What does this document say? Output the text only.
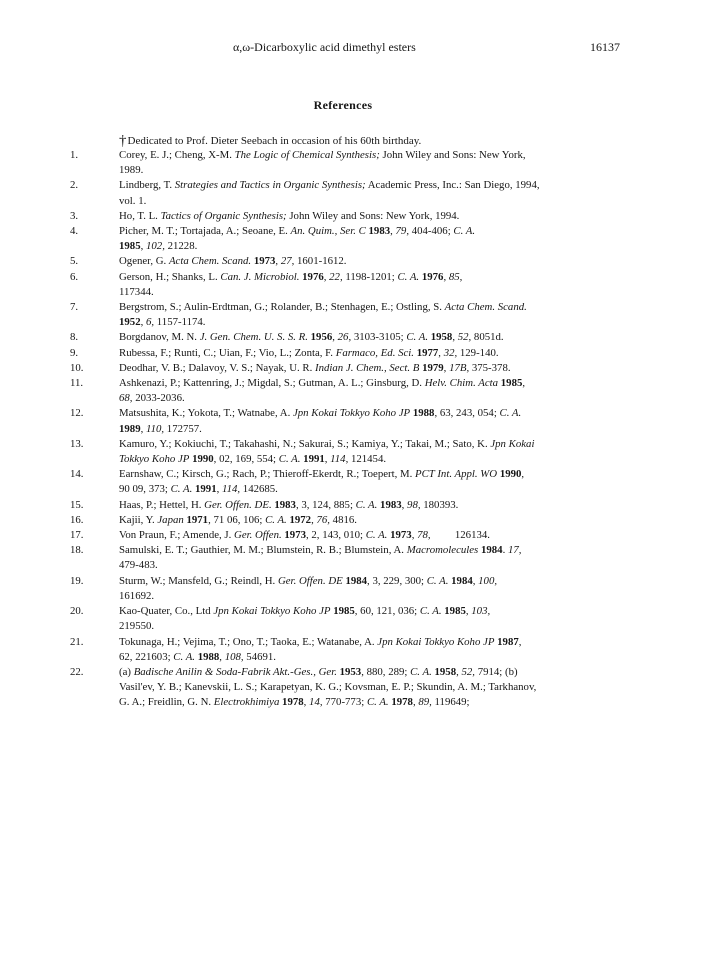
α,ω-Dicarboxylic acid dimethyl esters	16137
References
†Dedicated to Prof. Dieter Seebach in occasion of his 60th birthday.
1.	Corey, E. J.; Cheng, X-M. The Logic of Chemical Synthesis; John Wiley and Sons: New York,
1989.
2.	Lindberg, T. Strategies and Tactics in Organic Synthesis; Academic Press, Inc.: San Diego, 1994,
vol. 1.
3.	Ho, T. L. Tactics of Organic Synthesis; John Wiley and Sons: New York, 1994.
4.	Picher, M. T.; Tortajada, A.; Seoane, E. An. Quim., Ser. C 1983, 79, 404-406; C. A.
1985, 102, 21228.
5.	Ogener, G. Acta Chem. Scand. 1973, 27, 1601-1612.
6.	Gerson, H.; Shanks, L. Can. J. Microbiol. 1976, 22, 1198-1201; C. A. 1976, 85,
117344.
7.	Bergstrom, S.; Aulin-Erdtman, G.; Rolander, B.; Stenhagen, E.; Ostling, S. Acta Chem. Scand.
1952, 6, 1157-1174.
8.	Borgdanov, M. N. J. Gen. Chem. U. S. S. R. 1956, 26, 3103-3105; C. A. 1958, 52, 8051d.
9.	Rubessa, F.; Runti, C.; Uian, F.; Vio, L.; Zonta, F. Farmaco, Ed. Sci. 1977, 32, 129-140.
10.	Deodhar, V. B.; Dalavoy, V. S.; Nayak, U. R. Indian J. Chem., Sect. B 1979, 17B, 375-378.
11.	Ashkenazi, P.; Kattenring, J.; Migdal, S.; Gutman, A. L.; Ginsburg, D. Helv. Chim. Acta 1985,
68, 2033-2036.
12.	Matsushita, K.; Yokota, T.; Watnabe, A. Jpn Kokai Tokkyo Koho JP 1988, 63, 243, 054; C. A.
1989, 110, 172757.
13.	Kamuro, Y.; Kokiuchi, T.; Takahashi, N.; Sakurai, S.; Kamiya, Y.; Takai, M.; Sato, K. Jpn Kokai
Tokkyo Koho JP 1990, 02, 169, 554; C. A. 1991, 114, 121454.
14.	Earnshaw, C.; Kirsch, G.; Rach, P.; Thieroff-Ekerdt, R.; Toepert, M. PCT Int. Appl. WO 1990,
90 09, 373; C. A. 1991, 114, 142685.
15.	Haas, P.; Hettel, H. Ger. Offen. DE. 1983, 3, 124, 885; C. A. 1983, 98, 180393.
16.	Kajii, Y. Japan 1971, 71 06, 106; C. A. 1972, 76, 4816.
17.	Von Praun, F.; Amende, J. Ger. Offen. 1973, 2, 143, 010; C. A. 1973, 78,         126134.
18.	Samulski, E. T.; Gauthier, M. M.; Blumstein, R. B.; Blumstein, A. Macromolecules 1984. 17,
479-483.
19.	Sturm, W.; Mansfeld, G.; Reindl, H. Ger. Offen. DE 1984, 3, 229, 300; C. A. 1984, 100,
161692.
20.	Kao-Quater, Co., Ltd Jpn Kokai Tokkyo Koho JP 1985, 60, 121, 036; C. A. 1985, 103,
219550.
21.	Tokunaga, H.; Vejima, T.; Ono, T.; Taoka, E.; Watanabe, A. Jpn Kokai Tokkyo Koho JP 1987,
62, 221603; C. A. 1988, 108, 54691.
22.	(a) Badische Anilin & Soda-Fabrik Akt.-Ges., Ger. 1953, 880, 289; C. A. 1958, 52, 7914; (b)
Vasil'ev, Y. B.; Kanevskii, L. S.; Karapetyan, K. G.; Kovsman, E. P.; Skundin, A. M.; Tarkhanov,
G. A.; Freidlin, G. N. Electrokhimiya 1978, 14, 770-773; C. A. 1978, 89, 119649;
